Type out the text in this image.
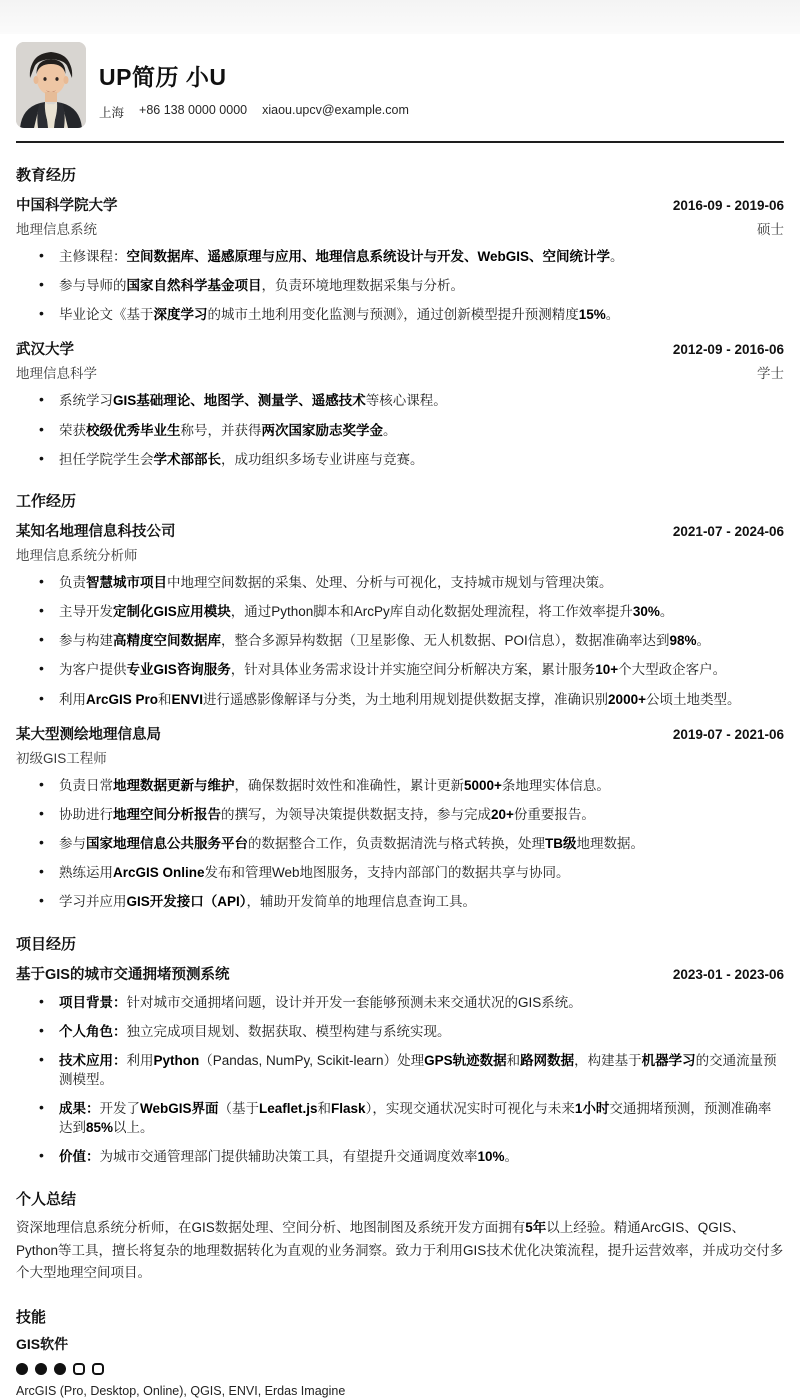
UP简历 小U
上海 +86 138 0000 0000 xiaou.upcv@example.com
教育经历
中国科学院大学	2016-09 - 2019-06
地理信息系统	硕士
• 主修课程：空间数据库、遥感原理与应用、地理信息系统设计与开发、WebGIS、空间统计学。
• 参与导师的国家自然科学基金项目，负责环境地理数据采集与分析。
• 毕业论文《基于深度学习的城市土地利用变化监测与预测》，通过创新模型提升预测精度15%。
武汉大学	2012-09 - 2016-06
地理信息科学	学士
• 系统学习GIS基础理论、地图学、测量学、遥感技术等核心课程。
• 荣获校级优秀毕业生称号，并获得两次国家励志奖学金。
• 担任学院学生会学术部部长，成功组织多场专业讲座与竞赛。
工作经历
某知名地理信息科技公司	2021-07 - 2024-06
地理信息系统分析师
• 负责智慧城市项目中地理空间数据的采集、处理、分析与可视化，支持城市规划与管理决策。
• 主导开发定制化GIS应用模块，通过Python脚本和ArcPy库自动化数据处理流程，将工作效率提升30%。
• 参与构建高精度空间数据库，整合多源异构数据（卫星影像、无人机数据、POI信息），数据准确率达到98%。
• 为客户提供专业GIS咨询服务，针对具体业务需求设计并实施空间分析解决方案，累计服务10+个大型政企客户。
• 利用ArcGIS Pro和ENVI进行遥感影像解译与分类，为土地利用规划提供数据支撑，准确识别2000+公顷土地类型。
某大型测绘地理信息局	2019-07 - 2021-06
初级GIS工程师
• 负责日常地理数据更新与维护，确保数据时效性和准确性，累计更新5000+条地理实体信息。
• 协助进行地理空间分析报告的撰写，为领导决策提供数据支持，参与完成20+份重要报告。
• 参与国家地理信息公共服务平台的数据整合工作，负责数据清洗与格式转换，处理TB级地理数据。
• 熟练运用ArcGIS Online发布和管理Web地图服务，支持内部部门的数据共享与协同。
• 学习并应用GIS开发接口（API），辅助开发简单的地理信息查询工具。
项目经历
基于GIS的城市交通拥堵预测系统	2023-01 - 2023-06
• 项目背景：针对城市交通拥堵问题，设计并开发一套能够预测未来交通状况的GIS系统。
• 个人角色：独立完成项目规划、数据获取、模型构建与系统实现。
• 技术应用：利用Python（Pandas, NumPy, Scikit-learn）处理GPS轨迹数据和路网数据，构建基于机器学习的交通流量预测模型。
• 成果：开发了WebGIS界面（基于Leaflet.js和Flask），实现交通状况实时可视化与未来1小时交通拥堵预测，预测准确率达到85%以上。
• 价值：为城市交通管理部门提供辅助决策工具，有望提升交通调度效率10%。
个人总结

资深地理信息系统分析师，在GIS数据处理、空间分析、地图制图及系统开发方面拥有5年以上经验。精通ArcGIS、QGIS、Python等工具，擅长将复杂的地理数据转化为直观的业务洞察。致力于利用GIS技术优化决策流程，提升运营效率，并成功交付多个大型地理空间项目。

技能
GIS软件
ArcGIS (Pro, Desktop, Online), QGIS, ENVI, Erdas Imagine
